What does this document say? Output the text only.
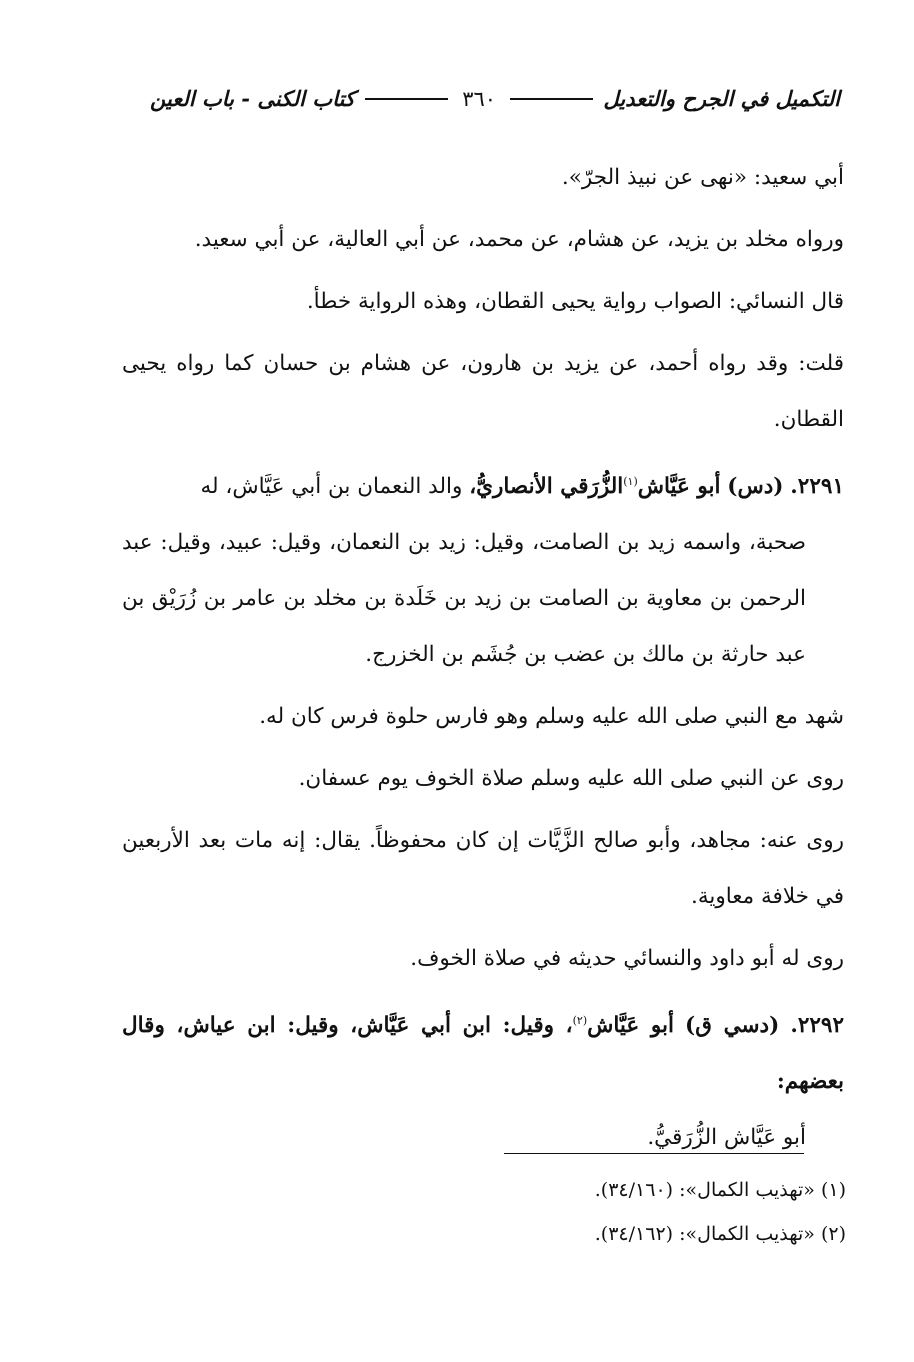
التكميل في الجرح والتعديل
٣٦٠
كتاب الكنى - باب العين

أبي سعيد: «نهى عن نبيذ الجرّ».

ورواه مخلد بن يزيد، عن هشام، عن محمد، عن أبي العالية، عن أبي سعيد.

قال النسائي: الصواب رواية يحيى القطان، وهذه الرواية خطأ.

قلت: وقد رواه أحمد، عن يزيد بن هارون، عن هشام بن حسان كما رواه يحيى القطان.

٢٢٩١. (دس) أبو عَيَّاش$^{(١)}$الزُّرَقي الأنصاريُّ، والد النعمان بن أبي عَيَّاش، له
صحبة، واسمه زيد بن الصامت، وقيل: زيد بن النعمان، وقيل: عبيد، وقيل: عبد الرحمن بن معاوية بن الصامت بن زيد بن خَلَدة بن مخلد بن عامر بن زُرَيْق بن عبد حارثة بن مالك بن عضب بن جُشَم بن الخزرج.

شهد مع النبي صلى الله عليه وسلم وهو فارس حلوة فرس كان له.

روى عن النبي صلى الله عليه وسلم صلاة الخوف يوم عسفان.

روى عنه: مجاهد، وأبو صالح الزَّيَّات إن كان محفوظاً. يقال: إنه مات بعد الأربعين في خلافة معاوية.

روى له أبو داود والنسائي حديثه في صلاة الخوف.

٢٢٩٢. (دسي ق) أبو عَيَّاش$^{(٢)}$، وقيل: ابن أبي عَيَّاش، وقيل: ابن عياش، وقال بعضهم:
أبو عَيَّاش الزُّرَقيُّ.

(١) «تهذيب الكمال»: (٣٤/١٦٠).

(٢) «تهذيب الكمال»: (٣٤/١٦٢).
